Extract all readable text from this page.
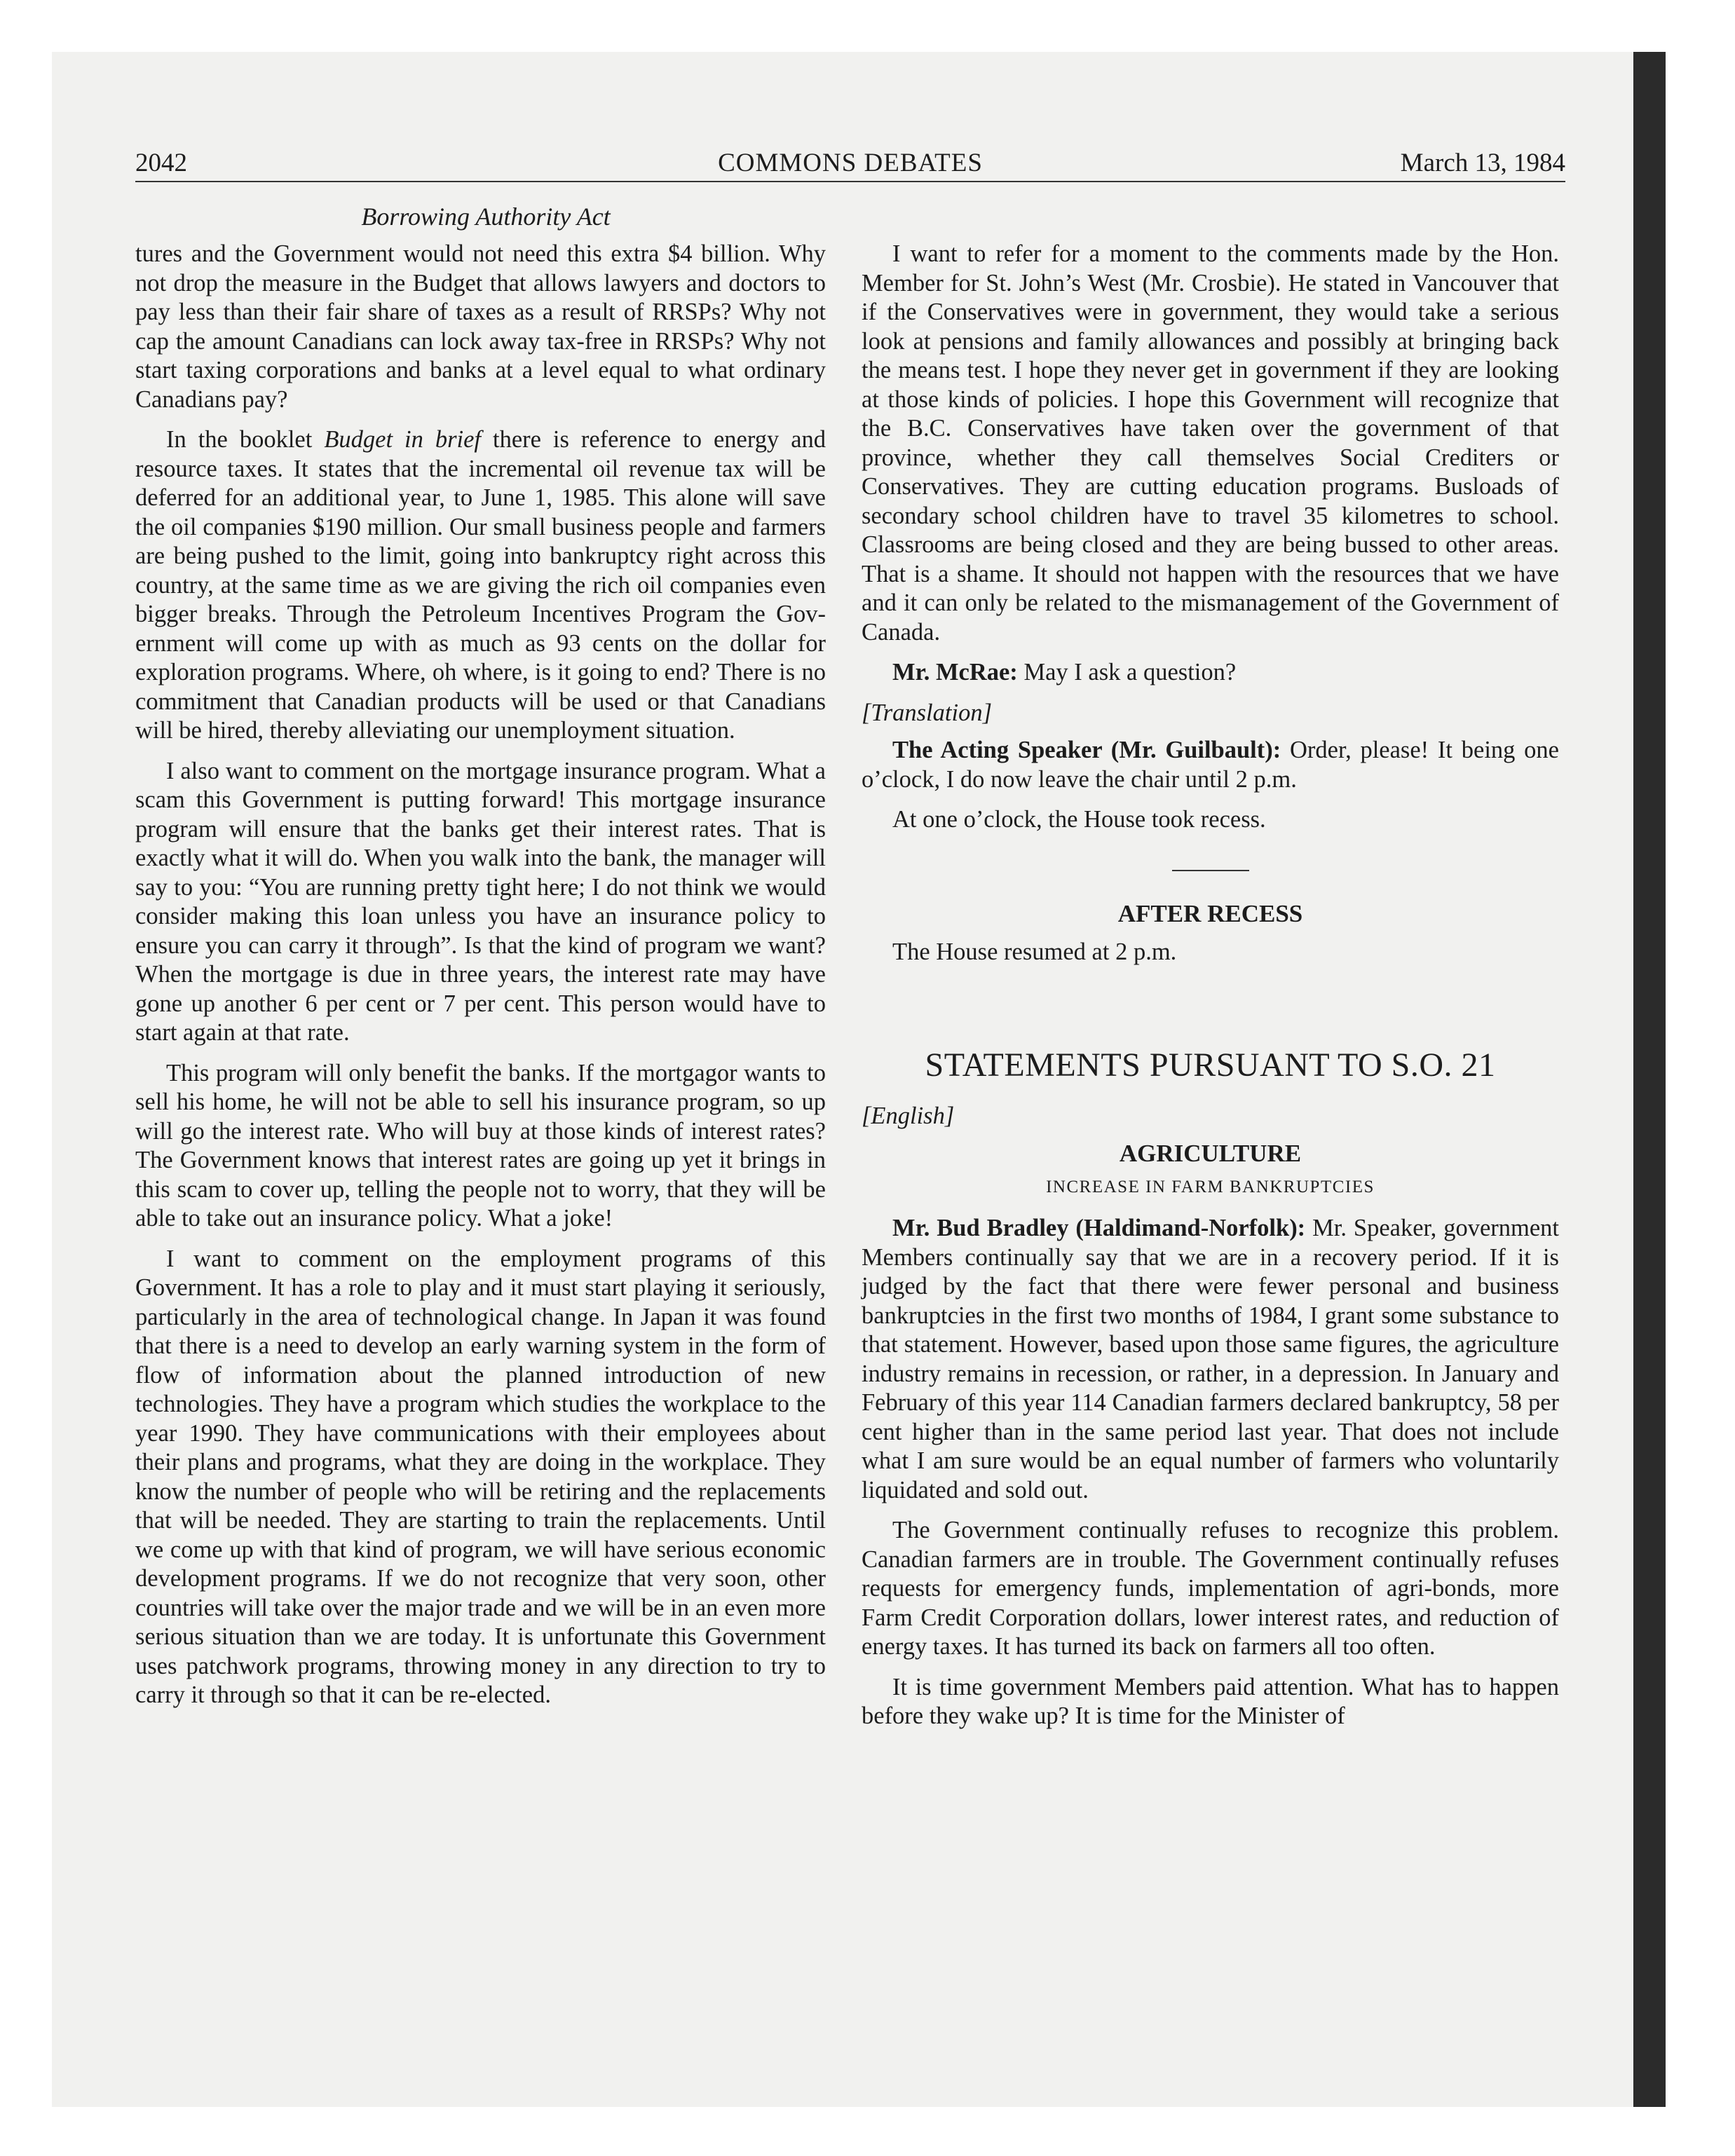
2042	COMMONS DEBATES	March 13, 1984
Borrowing Authority Act

tures and the Government would not need this extra $4 billion. Why not drop the measure in the Budget that allows lawyers and doctors to pay less than their fair share of taxes as a result of RRSPs? Why not cap the amount Canadians can lock away tax-free in RRSPs? Why not start taxing corporations and banks at a level equal to what ordinary Canadians pay?

In the booklet Budget in brief there is reference to energy and resource taxes. It states that the incremental oil revenue tax will be deferred for an additional year, to June 1, 1985. This alone will save the oil companies $190 million. Our small business people and farmers are being pushed to the limit, going into bankruptcy right across this country, at the same time as we are giving the rich oil companies even bigger breaks. Through the Petroleum Incentives Program the Government will come up with as much as 93 cents on the dollar for exploration programs. Where, oh where, is it going to end? There is no commitment that Canadian products will be used or that Canadians will be hired, thereby alleviating our unemployment situation.

I also want to comment on the mortgage insurance program. What a scam this Government is putting forward! This mortgage insurance program will ensure that the banks get their interest rates. That is exactly what it will do. When you walk into the bank, the manager will say to you: “You are running pretty tight here; I do not think we would consider making this loan unless you have an insurance policy to ensure you can carry it through”. Is that the kind of program we want? When the mortgage is due in three years, the interest rate may have gone up another 6 per cent or 7 per cent. This person would have to start again at that rate.

This program will only benefit the banks. If the mortgagor wants to sell his home, he will not be able to sell his insurance program, so up will go the interest rate. Who will buy at those kinds of interest rates? The Government knows that interest rates are going up yet it brings in this scam to cover up, telling the people not to worry, that they will be able to take out an insurance policy. What a joke!

I want to comment on the employment programs of this Government. It has a role to play and it must start playing it seriously, particularly in the area of technological change. In Japan it was found that there is a need to develop an early warning system in the form of flow of information about the planned introduction of new technologies. They have a program which studies the workplace to the year 1990. They have communications with their employees about their plans and programs, what they are doing in the workplace. They know the number of people who will be retiring and the replacements that will be needed. They are starting to train the replacements. Until we come up with that kind of program, we will have serious economic development programs. If we do not recognize that very soon, other countries will take over the major trade and we will be in an even more serious situation than we are today. It is unfortunate this Government uses patchwork programs, throwing money in any direction to try to carry it through so that it can be re-elected.

I want to refer for a moment to the comments made by the Hon. Member for St. John’s West (Mr. Crosbie). He stated in Vancouver that if the Conservatives were in government, they would take a serious look at pensions and family allowances and possibly at bringing back the means test. I hope they never get in government if they are looking at those kinds of policies. I hope this Government will recognize that the B.C. Conservatives have taken over the government of that province, whether they call themselves Social Crediters or Conservatives. They are cutting education programs. Busloads of secondary school children have to travel 35 kilometres to school. Classrooms are being closed and they are being bussed to other areas. That is a shame. It should not happen with the resources that we have and it can only be related to the mismanagement of the Government of Canada.

Mr. McRae: May I ask a question?

[Translation]

The Acting Speaker (Mr. Guilbault): Order, please! It being one o’clock, I do now leave the chair until 2 p.m.

At one o’clock, the House took recess.

AFTER RECESS

The House resumed at 2 p.m.

STATEMENTS PURSUANT TO S.O. 21
[English]
AGRICULTURE
INCREASE IN FARM BANKRUPTCIES

Mr. Bud Bradley (Haldimand-Norfolk): Mr. Speaker, government Members continually say that we are in a recovery period. If it is judged by the fact that there were fewer personal and business bankruptcies in the first two months of 1984, I grant some substance to that statement. However, based upon those same figures, the agriculture industry remains in recession, or rather, in a depression. In January and February of this year 114 Canadian farmers declared bankruptcy, 58 per cent higher than in the same period last year. That does not include what I am sure would be an equal number of farmers who voluntarily liquidated and sold out.

The Government continually refuses to recognize this problem. Canadian farmers are in trouble. The Government continually refuses requests for emergency funds, implementation of agri-bonds, more Farm Credit Corporation dollars, lower interest rates, and reduction of energy taxes. It has turned its back on farmers all too often.

It is time government Members paid attention. What has to happen before they wake up? It is time for the Minister of
